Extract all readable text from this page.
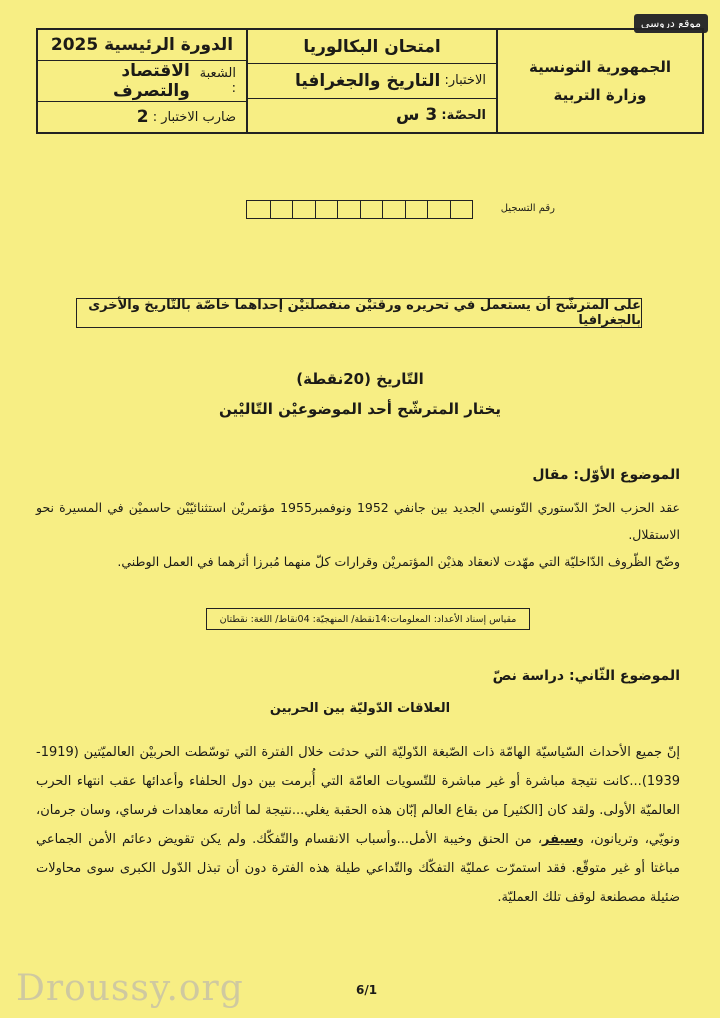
موقع دروسي
الجمهورية التونسية
وزارة التربية
امتحان البكالوريا
الاختبار:

التاريخ والجغرافيا
الحصّة:

3 س
الدورة الرئيسية 2025
الشعبة :

الاقتصاد والتصرف
ضارب الاختبار :

2
رقم التسجيل
على المترشّح أن يستعمل في تحريره ورقتيْن منفصلتيْن إحداهما خاصّة بالتّاريخ والأخرى بالجغرافيا
التّاريخ (20نقطة)
يختار المترشّح أحد الموضوعيْن التّاليْين
الموضوع الأوّل: مقال

عقد الحزب الحرّ الدّستوري التّونسي الجديد بين جانفي 1952 ونوفمبر1955 مؤتمريْن استثنائيّيْن حاسميْن في المسيرة نحو الاستقلال.

وضّح الظّروف الدّاخليّة التي مهّدت لانعقاد هذيْن المؤتمريْن وقرارات كلّ منهما مُبرزا أثرهما في العمل الوطني.

مقياس إسناد الأعداد: المعلومات:14نقطة/ المنهجيّة: 04نقاط/ اللغة: نقطتان
الموضوع الثّاني: دراسة نصّ
العلاقات الدّوليّة بين الحربين
إنّ جميع الأحداث السّياسيّة الهامّة ذات الصّبغة الدّوليّة التي حدثت خلال الفترة التي توسّطت الحربيْن العالميّتين (1919-1939)...كانت نتيجة مباشرة أو غير مباشرة للتّسويات العامّة التي أُبرمت بين دول الحلفاء وأعدائها عقب انتهاء الحرب العالميّة الأولى. ولقد كان [الكثير] من بقاع العالم إبّان هذه الحقبة يغلي...نتيجة لما أثارته معاهدات فرساي، وسان جرمان، ونويّي، وتريانون، وسيفر، من الحنق وخيبة الأمل...وأسباب الانقسام والتّفكّك. ولم يكن تقويض دعائم الأمن الجماعي مباغتا أو غير متوقّع. فقد استمرّت عمليّة التفكّك والتّداعي طيلة هذه الفترة دون أن تبذل الدّول الكبرى سوى محاولات ضئيلة مصطنعة لوقف تلك العمليّة.
6/1
Droussy.org
